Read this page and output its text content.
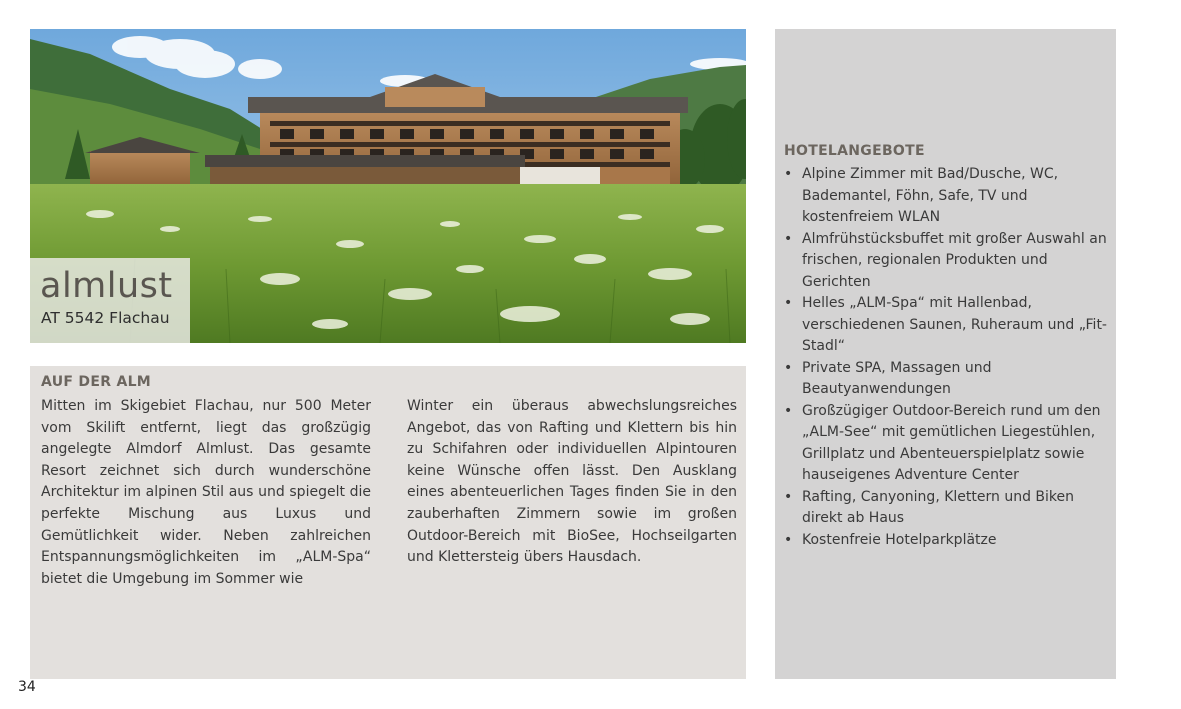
almlust
AT 5542 Flachau
AUF DER ALM
Mitten im Skigebiet Flachau, nur 500 Meter vom Skilift entfernt, liegt das großzügig angelegte Almdorf Almlust. Das gesamte Resort zeichnet sich durch wunderschöne Architektur im alpinen Stil aus und spiegelt die perfekte Mischung aus Luxus und Gemütlichkeit wider. Neben zahlreichen Entspannungsmöglichkeiten im „ALM-Spa“ bietet die Umgebung im Sommer wie
Winter ein überaus abwechslungsreiches Angebot, das von Rafting und Klettern bis hin zu Schifahren oder individuellen Alpintouren keine Wünsche offen lässt. Den Ausklang eines abenteuerlichen Tages finden Sie in den zauberhaften Zimmern sowie im großen Outdoor-Bereich mit BioSee, Hochseilgarten und Klettersteig übers Hausdach.
HOTELANGEBOTE
• Alpine Zimmer mit Bad/Dusche, WC, Bademantel, Föhn, Safe, TV und kostenfreiem WLAN
• Almfrühstücksbuffet mit großer Auswahl an frischen, regionalen Produkten und Gerichten
• Helles „ALM-Spa“ mit Hallenbad, verschiedenen Saunen, Ruheraum und „Fit-Stadl“
• Private SPA, Massagen und Beautyanwendungen
• Großzügiger Outdoor-Bereich rund um den „ALM-See“ mit gemütlichen Liegestühlen, Grillplatz und Abenteuerspielplatz sowie hauseigenes Adventure Center
• Rafting, Canyoning, Klettern und Biken direkt ab Haus
• Kostenfreie Hotelparkplätze
34
